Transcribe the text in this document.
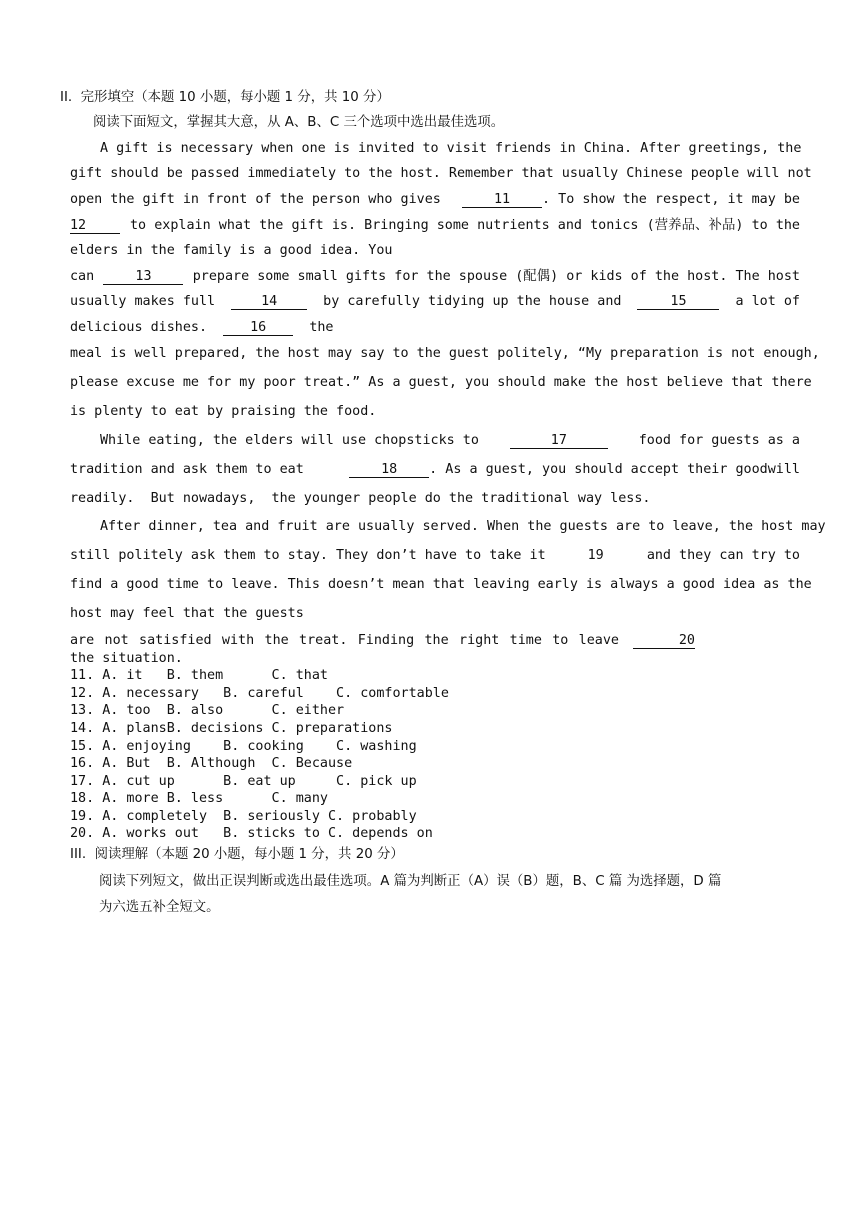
II.  完形填空（本题 10 小题，每小题 1 分，共 10 分）
阅读下面短文，掌握其大意，从 A、B、C 三个选项中选出最佳选项。
A gift is necessary when one is invited to visit friends in China. After greetings, the
gift should be passed immediately to the host. Remember that usually Chinese people will not
open the gift in front of the person who gives	11 . To show the respect, it may be
12	to explain what the gift is. Bringing some nutrients and tonics (营养品、补品) to the
elders in the family is a good idea. You
can	13	prepare some small gifts for the spouse (配偶) or kids of the host. The host
usually makes full	14	by carefully tidying up the house and	15	a lot of
delicious dishes.	16	the
meal is well prepared, the host may say to the guest politely, “My preparation is not enough,
please excuse me for my poor treat.” As a guest, you should make the host believe that there
is plenty to eat by praising the food.
While eating, the elders will use chopsticks to	17	food for guests as a
tradition and ask them to eat	18 . As a guest, you should accept their goodwill
readily.  But nowadays,  the younger people do the traditional way less.
After dinner, tea and fruit are usually served. When the guests are to leave, the host may
still politely ask them to stay. They don’t have to take it	19	and they can try to
find a good time to leave. This doesn’t mean that leaving early is always a good idea as the
host may feel that the guests
are not satisfied with the treat. Finding the right time to leave	20
the situation.
11. A. it   B. them      C. that
12. A. necessary   B. careful    C. comfortable
13. A. too  B. also      C. either
14. A. plansB. decisions C. preparations
15. A. enjoying    B. cooking    C. washing
16. A. But  B. Although  C. Because
17. A. cut up      B. eat up     C. pick up
18. A. more B. less      C. many
19. A. completely  B. seriously C. probably
20. A. works out   B. sticks to C. depends on
III.  阅读理解（本题 20 小题，每小题 1 分，共 20 分）
阅读下列短文，做出正误判断或选出最佳选项。A 篇为判断正（A）误（B）题，B、C 篇 为选择题，D 篇
为六选五补全短文。
